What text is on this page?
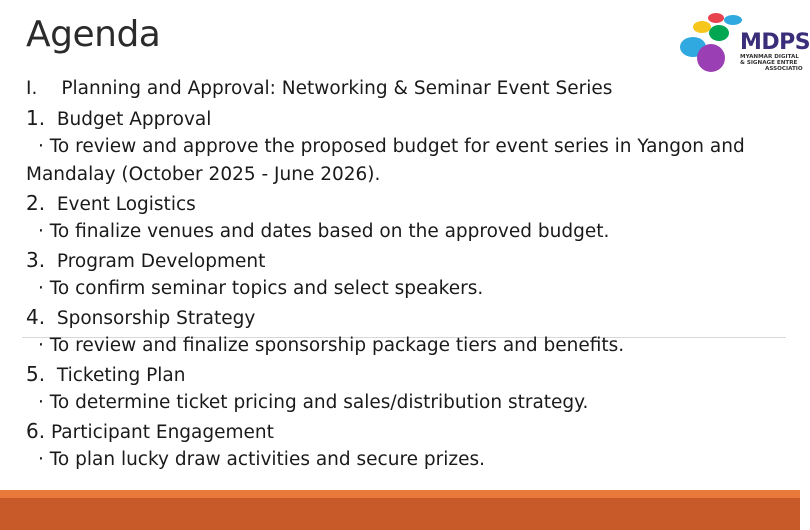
Agenda	MDPS
MYANMAR DIGITAL
& SIGNAGE ENTRE
ASSOCIATIO
I. Planning and Approval: Networking & Seminar Event Series
1. Budget Approval
· To review and approve the proposed budget for event series in Yangon and
Mandalay (October 2025 - June 2026).
2. Event Logistics
· To finalize venues and dates based on the approved budget.
3. Program Development
· To confirm seminar topics and select speakers.
4. Sponsorship Strategy
· To review and finalize sponsorship package tiers and benefits.
5. Ticketing Plan
· To determine ticket pricing and sales/distribution strategy.
6. Participant Engagement
· To plan lucky draw activities and secure prizes.
